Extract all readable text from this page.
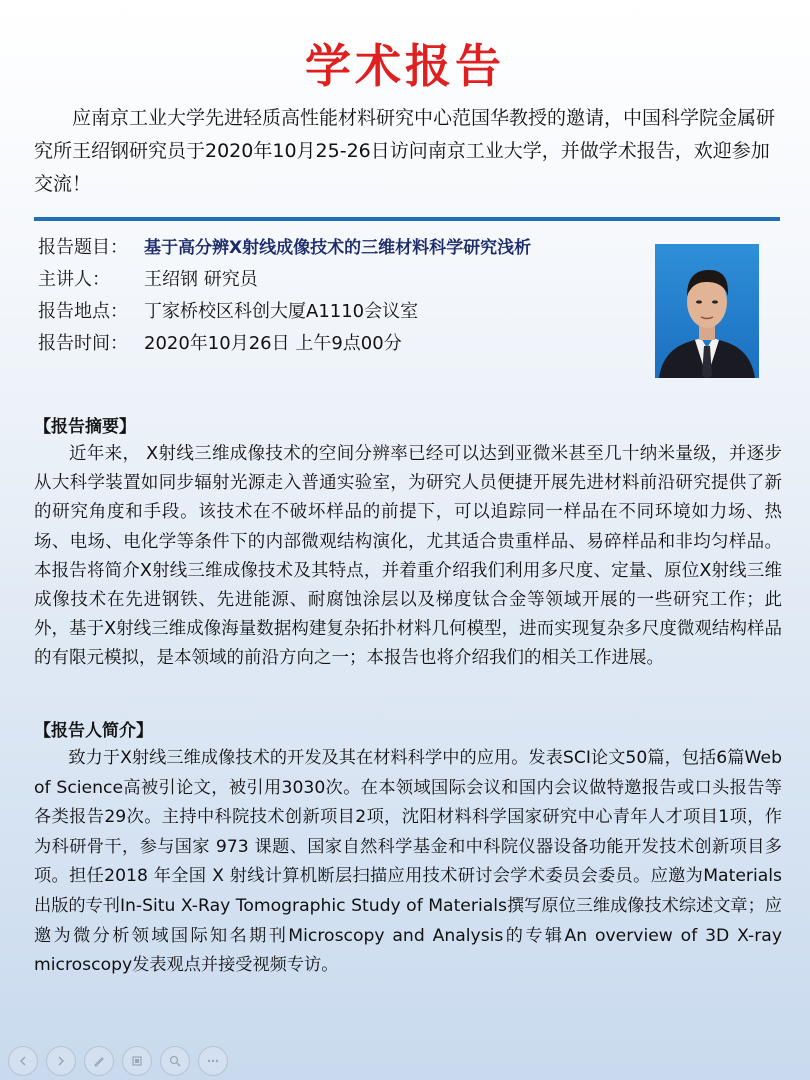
学术报告
应南京工业大学先进轻质高性能材料研究中心范国华教授的邀请，中国科学院金属研究所王绍钢研究员于2020年10月25-26日访问南京工业大学，并做学术报告，欢迎参加交流！
报告题目： 基于高分辨X射线成像技术的三维材料科学研究浅析
主讲人：	王绍钢 研究员
报告地点： 丁家桥校区科创大厦A1110会议室
报告时间： 2020年10月26日 上午9点00分
【报告摘要】
近年来， X射线三维成像技术的空间分辨率已经可以达到亚微米甚至几十纳米量级，并逐步从大科学装置如同步辐射光源走入普通实验室，为研究人员便捷开展先进材料前沿研究提供了新的研究角度和手段。该技术在不破坏样品的前提下，可以追踪同一样品在不同环境如力场、热场、电场、电化学等条件下的内部微观结构演化，尤其适合贵重样品、易碎样品和非均匀样品。本报告将简介X射线三维成像技术及其特点，并着重介绍我们利用多尺度、定量、原位X射线三维成像技术在先进钢铁、先进能源、耐腐蚀涂层以及梯度钛合金等领域开展的一些研究工作；此外，基于X射线三维成像海量数据构建复杂拓扑材料几何模型，进而实现复杂多尺度微观结构样品的有限元模拟，是本领域的前沿方向之一；本报告也将介绍我们的相关工作进展。
【报告人简介】
致力于X射线三维成像技术的开发及其在材料科学中的应用。发表SCI论文50篇，包括6篇Web of Science高被引论文，被引用3030次。在本领域国际会议和国内会议做特邀报告或口头报告等各类报告29次。主持中科院技术创新项目2项，沈阳材料科学国家研究中心青年人才项目1项，作为科研骨干，参与国家 973 课题、国家自然科学基金和中科院仪器设备功能开发技术创新项目多项。担任2018 年全国 X 射线计算机断层扫描应用技术研讨会学术委员会委员。应邀为Materials出版的专刊In-Situ X-Ray Tomographic Study of Materials撰写原位三维成像技术综述文章；应邀为微分析领域国际知名期刊Microscopy and Analysis的专辑An overview of 3D X-ray microscopy发表观点并接受视频专访。
